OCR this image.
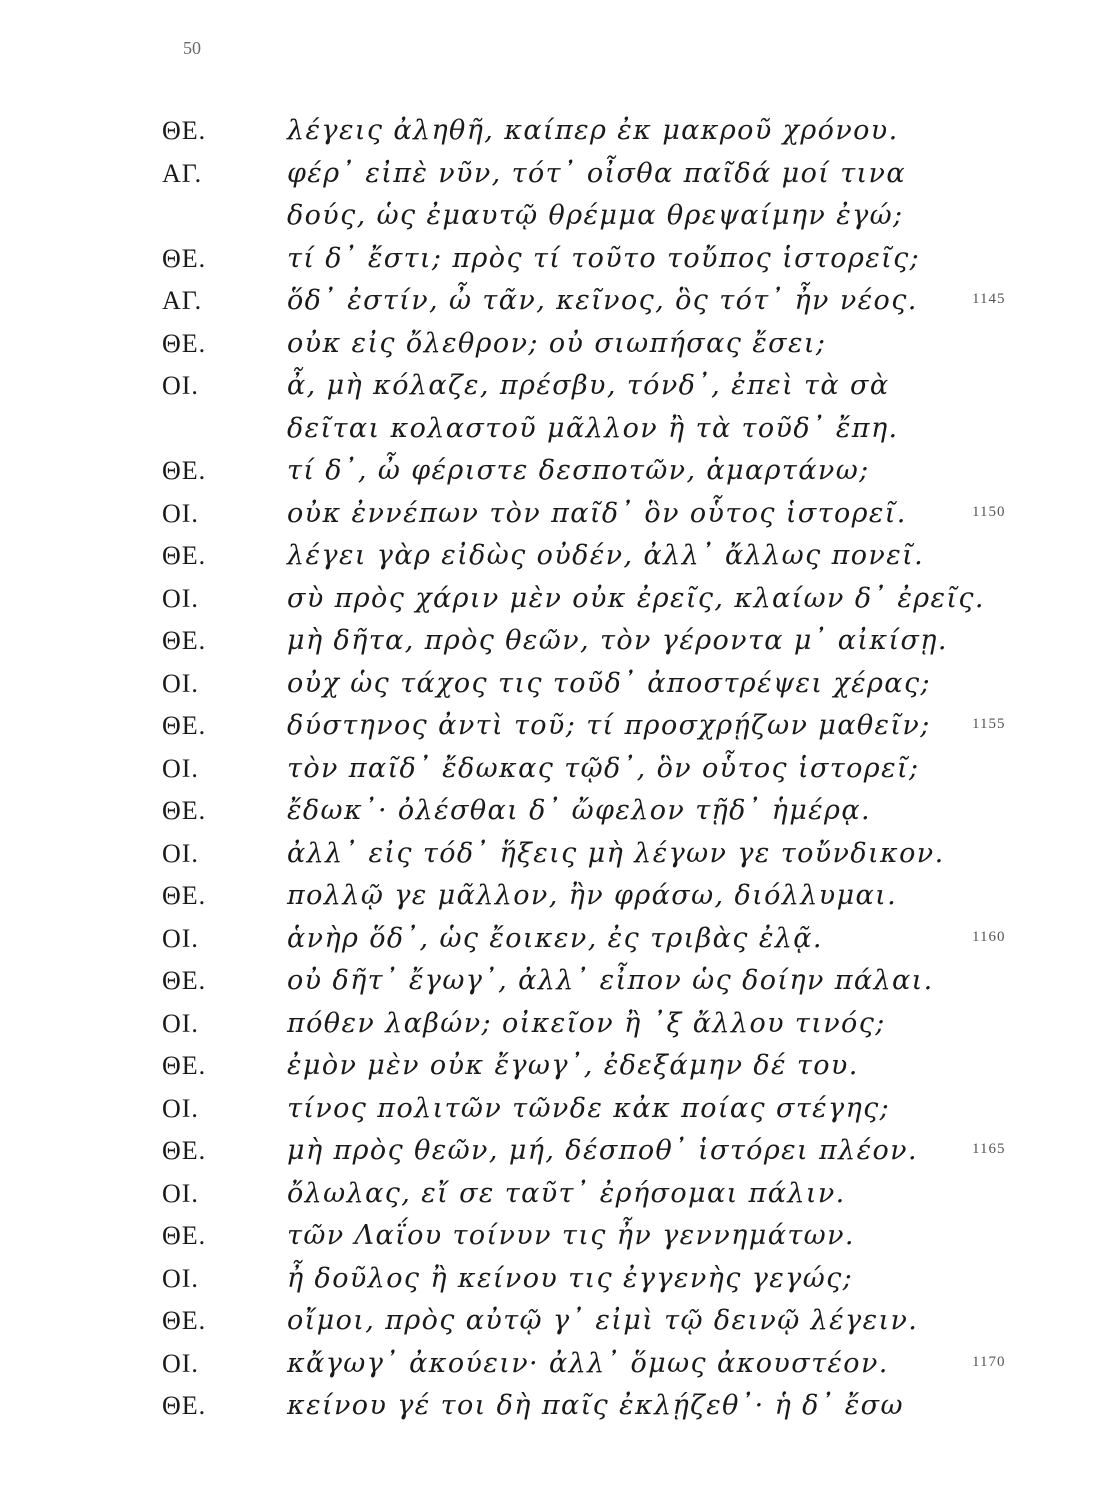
50
ΘΕ.	λέγεις ἀληθῆ, καίπερ ἐκ μακροῦ χρόνου.
ΑΓ.	φέρ᾽ εἰπὲ νῦν, τότ᾽ οἶσθα παῖδά μοί τινα
δούς, ὡς ἐμαυτῷ θρέμμα θρεψαίμην ἐγώ;
ΘΕ.	τί δ᾽ ἔστι; πρὸς τί τοῦτο τοὔπος ἱστορεῖς;
ΑΓ.	ὅδ᾽ ἐστίν, ὦ τᾶν, κεῖνος, ὃς τότ᾽ ἦν νέος.	1145
ΘΕ.	οὐκ εἰς ὄλεθρον; οὐ σιωπήσας ἔσει;
ΟΙ.	ἆ, μὴ κόλαζε, πρέσβυ, τόνδ᾽, ἐπεὶ τὰ σὰ
δεῖται κολαστοῦ μᾶλλον ἢ τὰ τοῦδ᾽ ἔπη.
ΘΕ.	τί δ᾽, ὦ φέριστε δεσποτῶν, ἁμαρτάνω;
ΟΙ.	οὐκ ἐννέπων τὸν παῖδ᾽ ὃν οὗτος ἱστορεῖ.	1150
ΘΕ.	λέγει γὰρ εἰδὼς οὐδέν, ἀλλ᾽ ἄλλως πονεῖ.
ΟΙ.	σὺ πρὸς χάριν μὲν οὐκ ἐρεῖς, κλαίων δ᾽ ἐρεῖς.
ΘΕ.	μὴ δῆτα, πρὸς θεῶν, τὸν γέροντα μ᾽ αἰκίσῃ.
ΟΙ.	οὐχ ὡς τάχος τις τοῦδ᾽ ἀποστρέψει χέρας;
ΘΕ.	δύστηνος ἀντὶ τοῦ; τί προσχρῄζων μαθεῖν;	1155
ΟΙ.	τὸν παῖδ᾽ ἔδωκας τῷδ᾽, ὃν οὗτος ἱστορεῖ;
ΘΕ.	ἔδωκ᾽· ὀλέσθαι δ᾽ ὤφελον τῇδ᾽ ἡμέρᾳ.
ΟΙ.	ἀλλ᾽ εἰς τόδ᾽ ἥξεις μὴ λέγων γε τοὔνδικον.
ΘΕ.	πολλῷ γε μᾶλλον, ἢν φράσω, διόλλυμαι.
ΟΙ.	ἁνὴρ ὅδ᾽, ὡς ἔοικεν, ἐς τριβὰς ἐλᾷ.	1160
ΘΕ.	οὐ δῆτ᾽ ἔγωγ᾽, ἀλλ᾽ εἶπον ὡς δοίην πάλαι.
ΟΙ.	πόθεν λαβών; οἰκεῖον ἢ ᾽ξ ἄλλου τινός;
ΘΕ.	ἐμὸν μὲν οὐκ ἔγωγ᾽, ἐδεξάμην δέ του.
ΟΙ.	τίνος πολιτῶν τῶνδε κἀκ ποίας στέγης;
ΘΕ.	μὴ πρὸς θεῶν, μή, δέσποθ᾽ ἱστόρει πλέον.	1165
ΟΙ.	ὄλωλας, εἴ σε ταῦτ᾽ ἐρήσομαι πάλιν.
ΘΕ.	τῶν Λαΐου τοίνυν τις ἦν γεννημάτων.
ΟΙ.	ἦ δοῦλος ἢ κείνου τις ἐγγενὴς γεγώς;
ΘΕ.	οἴμοι, πρὸς αὐτῷ γ᾽ εἰμὶ τῷ δεινῷ λέγειν.
ΟΙ.	κἄγωγ᾽ ἀκούειν· ἀλλ᾽ ὅμως ἀκουστέον.	1170
ΘΕ.	κείνου γέ τοι δὴ παῖς ἐκλῄζεθ᾽· ἡ δ᾽ ἔσω
